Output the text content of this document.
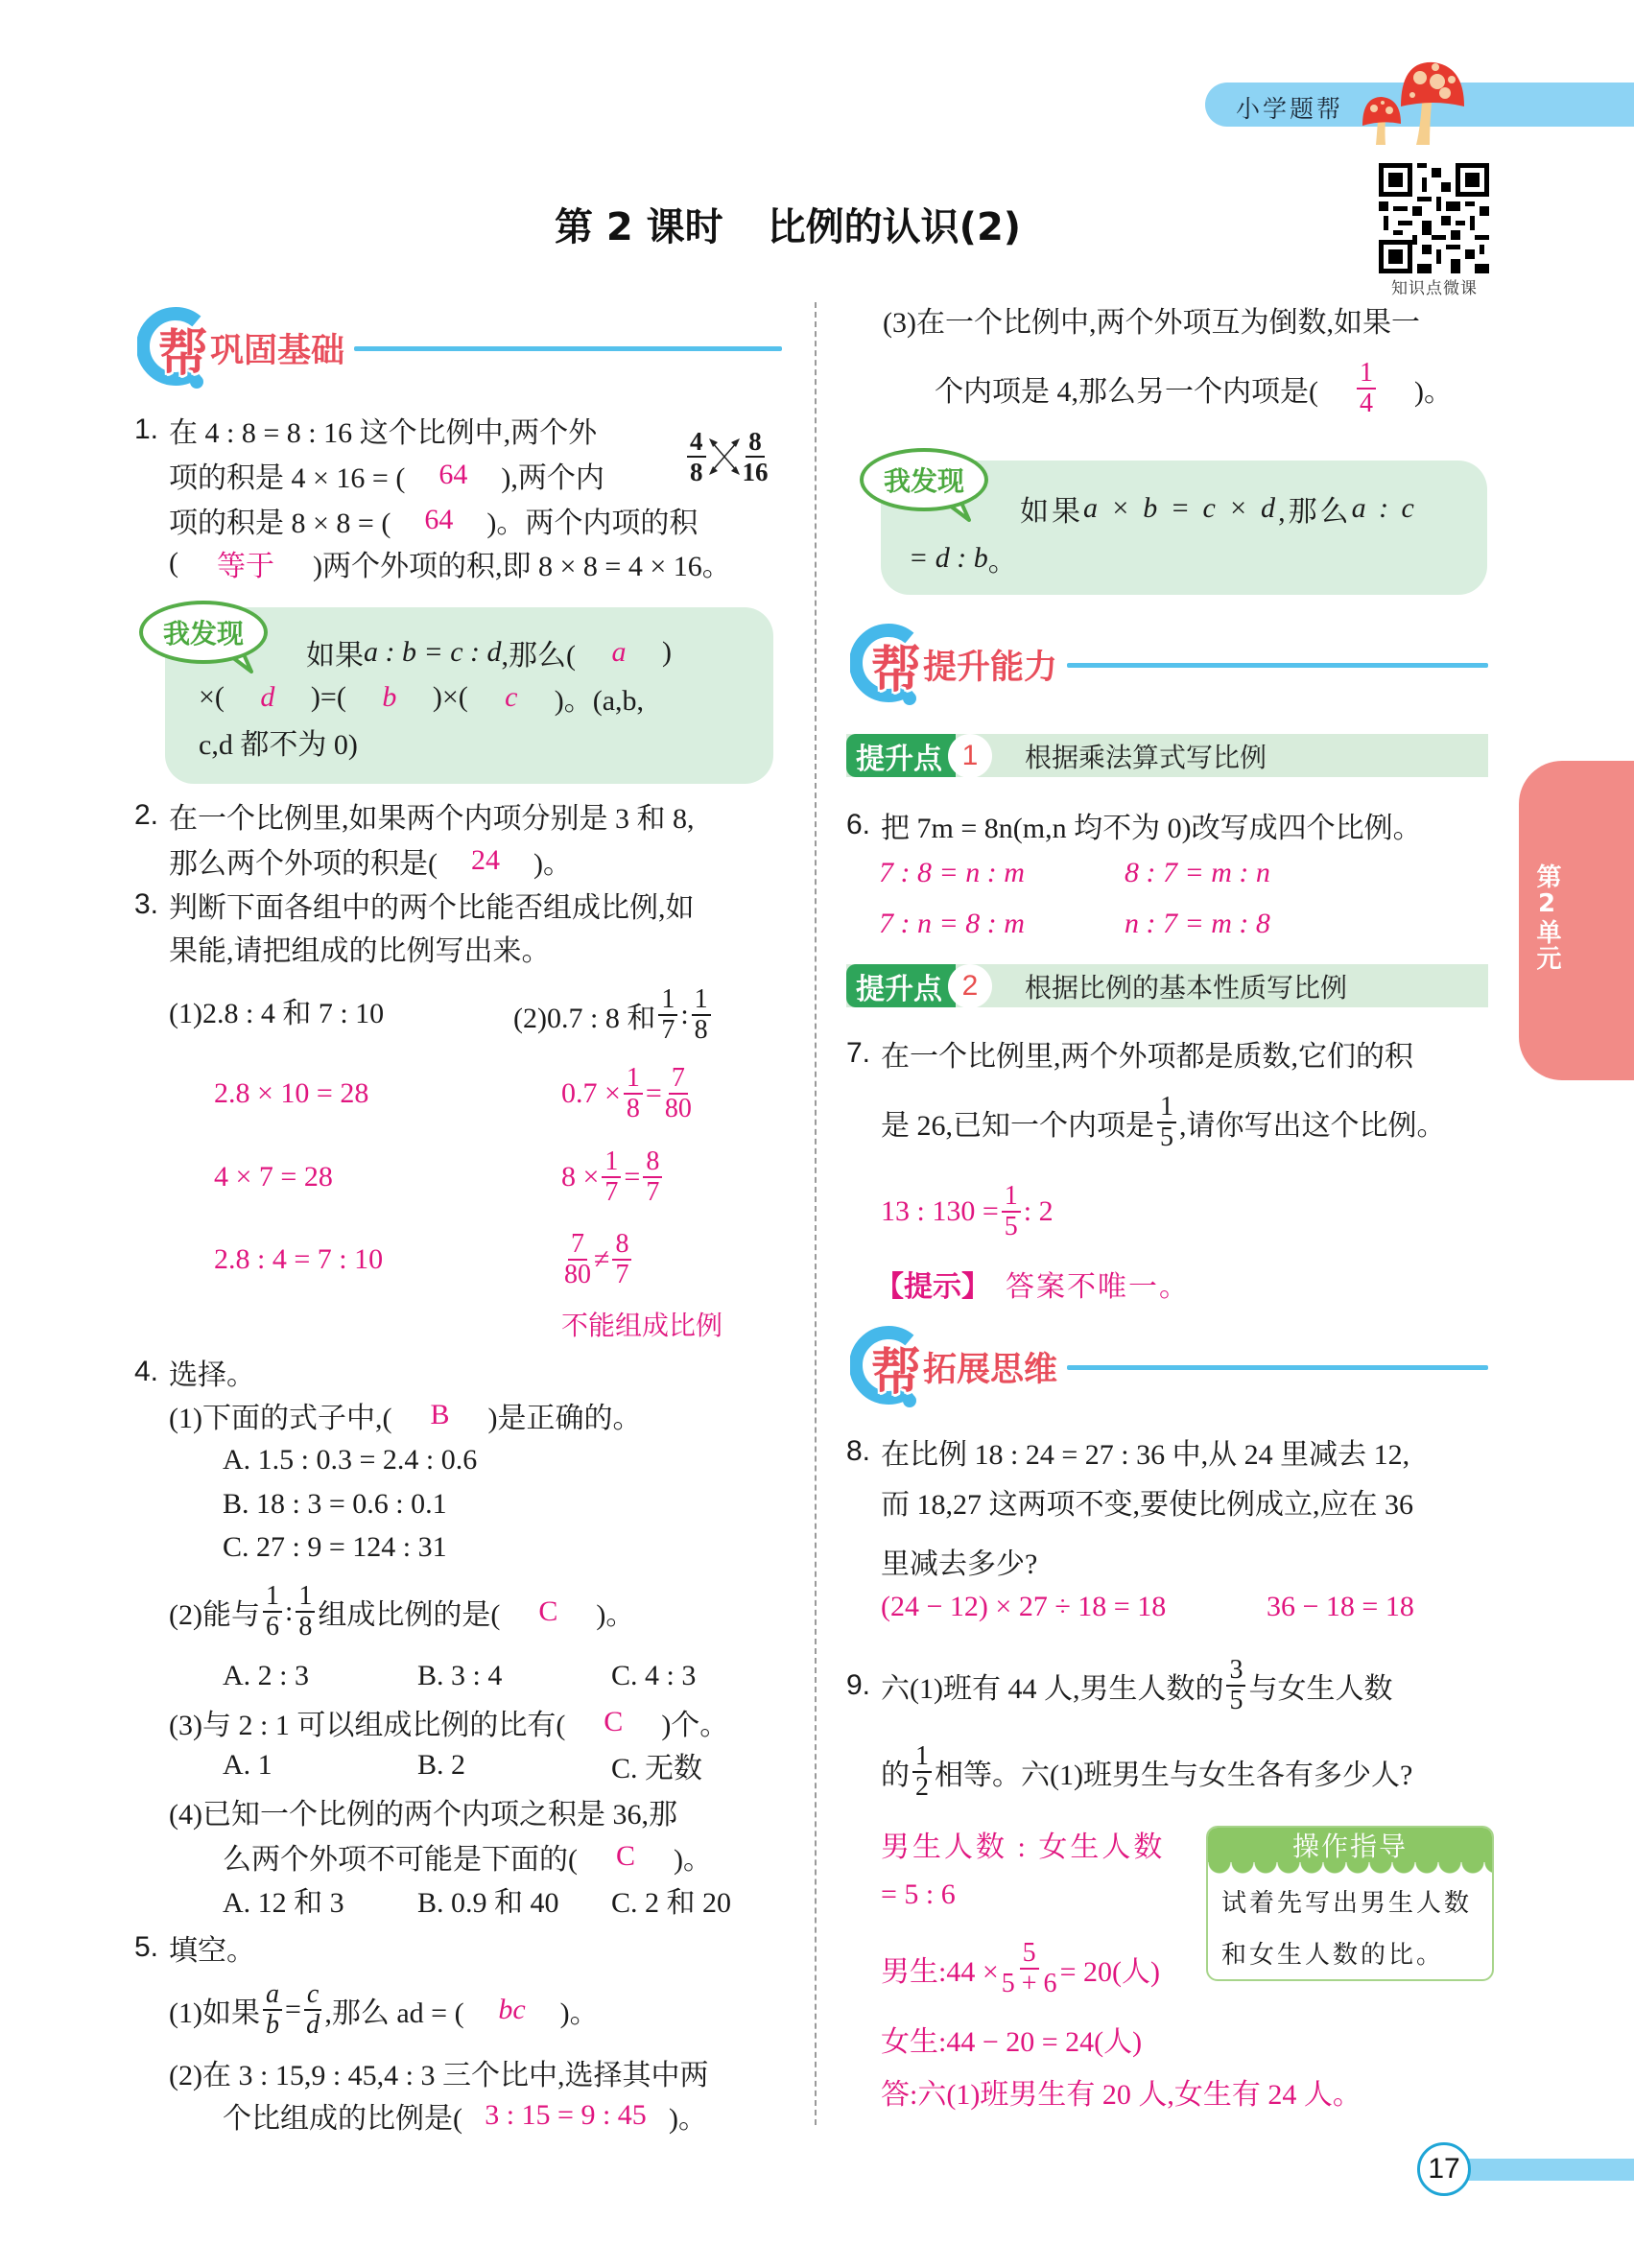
小学题帮
知识点微课
第 2 课时 比例的认识(2)
帮 巩固基础
1. 在 4 : 8 = 8 : 16 这个比例中,两个外
项的积是 4 × 16 = ( 64 ),两个内
项的积是 8 × 8 = ( 64 )。两个内项的积
( 等于 )两个外项的积,即 8 × 8 = 4 × 16。
$\frac{4}{8} \frac{8}{16}$
我发现
如果 a : b = c : d ,那么( a )
×( d )=( b )×( c )。(a,b,
c,d 都不为 0)
2. 在一个比例里,如果两个内项分别是 3 和 8,
那么两个外项的积是( 24 )。
3. 判断下面各组中的两个比能否组成比例,如
果能,请把组成的比例写出来。
(1)2.8 : 4 和 7 : 10	(2)0.7 : 8 和 $\frac{1}{7}$ : $\frac{1}{8}$
2.8 × 10 = 28
4 × 7 = 28
2.8 : 4 = 7 : 10
$0.7 \times \frac{1}{8} = \frac{7}{80}$
$8 \times \frac{1}{7} = \frac{8}{7}$
$\frac{7}{80} \ne \frac{8}{7}$
不能组成比例
4. 选择。
(1)下面的式子中,( B )是正确的。
A. 1.5 : 0.3 = 2.4 : 0.6
B. 18 : 3 = 0.6 : 0.1
C. 27 : 9 = 124 : 31
(2)能与 $\frac{1}{6}$ : $\frac{1}{8}$ 组成比例的是( C )。
A. 2 : 3	B. 3 : 4	C. 4 : 3
(3)与 2 : 1 可以组成比例的比有( C )个。
A. 1	B. 2	C. 无数
(4)已知一个比例的两个内项之积是 36,那
么两个外项不可能是下面的( C )。
A. 12 和 3	B. 0.9 和 40 C. 2 和 20
5. 填空。
(1)如果 $\frac{a}{b} = \frac{c}{d}$ ,那么 ad = ( bc )。
(2)在 3 : 15,9 : 45,4 : 3 三个比中,选择其中两
个比组成的比例是( 3 : 15 = 9 : 45 )。
(3)在一个比例中,两个外项互为倒数,如果一
个内项是 4,那么另一个内项是( $\frac{1}{4}$ )。
我发现
如果 a × b = c × d ,那么 a : c
= d : b 。
帮 提升能力
提升点 1	根据乘法算式写比例
6. 把 7m = 8n(m,n 均不为 0)改写成四个比例。
7 : 8 = n : m	8 : 7 = m : n
7 : n = 8 : m	n : 7 = m : 8
提升点 2	根据比例的基本性质写比例
7. 在一个比例里,两个外项都是质数,它们的积
是 26,已知一个内项是 $\frac{1}{5}$ ,请你写出这个比例。
13 : $130 = \frac{1}{5}$ : 2
【提示】 答案不唯一。
帮 拓展思维
8. 在比例 18 : 24 = 27 : 36 中,从 24 里减去 12,
而 18,27 这两项不变,要使比例成立,应在 36
里减去多少?
(24 − 12) × 27 ÷ 18 = 18	36 − 18 = 18
9. 六(1)班有 44 人,男生人数的 $\frac{3}{5}$ 与女生人数
的 $\frac{1}{2}$ 相等。六(1)班男生与女生各有多少人?
男生人数 : 女生人数
= 5 : 6
男生:44 × $\frac{5}{5 + 6} = 20$(人)
女生:44 − 20 = 24(人)
答:六(1)班男生有 20 人,女生有 24 人。
操作指导
试着先写出男生人数
和女生人数的比。
第2单元
17
